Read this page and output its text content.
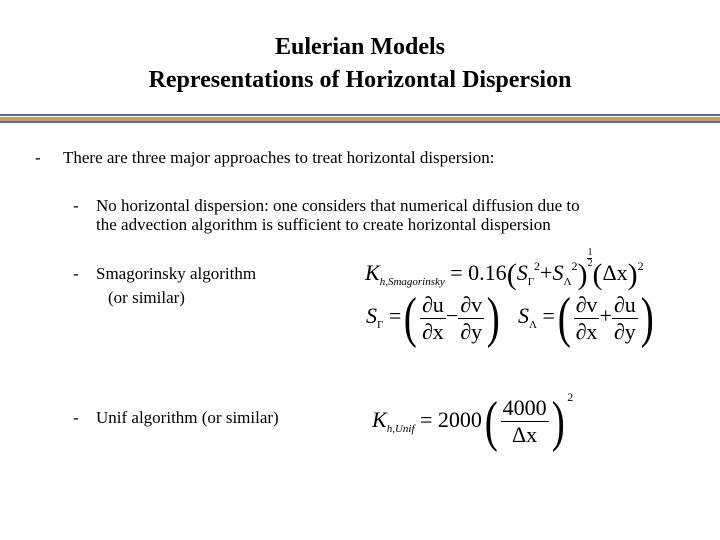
Eulerian Models
Representations of Horizontal Dispersion
- There are three major approaches to treat horizontal dispersion:
- No horizontal dispersion: one considers that numerical diffusion due to
the advection algorithm is sufficient to create horizontal dispersion
- Smagorinsky algorithm
(or similar)
- Unif algorithm (or similar)
$K_{h,Smagorinsky} = 0.16(S_\Gamma^2+S_\Lambda^2) \frac{1}{2} (\Delta x)^2$
$S_\Gamma$ =( $\frac{\partial u}{\partial x} - \frac{\partial v}{\partial y}$ ) $S_\Lambda$ =( $\frac{\partial v}{\partial x} + \frac{\partial u}{\partial y}$ )
$K_{h,Unif} = 2000( \frac{4000}{\Delta x}$ ) $^2$
